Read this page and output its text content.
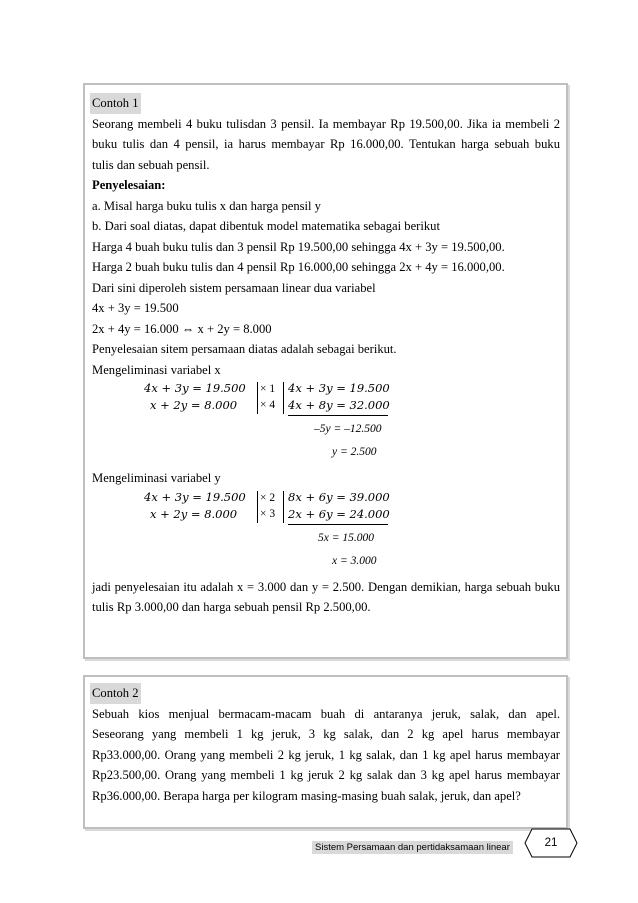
Contoh 1
Seorang membeli 4 buku tulisdan 3 pensil. Ia membayar Rp 19.500,00. Jika ia membeli 2
buku tulis dan 4 pensil, ia harus membayar Rp 16.000,00. Tentukan harga sebuah buku
tulis dan sebuah pensil.
Penyelesaian:
a. Misal harga buku tulis x dan harga pensil y
b. Dari soal diatas, dapat dibentuk model matematika sebagai berikut
Harga 4 buah buku tulis dan 3 pensil Rp 19.500,00 sehingga 4x + 3y = 19.500,00.
Harga 2 buah buku tulis dan 4 pensil Rp 16.000,00 sehingga 2x + 4y = 16.000,00.
Dari sini diperoleh sistem persamaan linear dua variabel
4x + 3y = 19.500
2x + 4y = 16.000 ⇔ x + 2y = 8.000
Penyelesaian sitem persamaan diatas adalah sebagai berikut.
Mengeliminasi variabel x
4x + 3y = 19.500
x + 2y = 8.000
× 1
× 4
4x + 3y = 19.500
4x + 8y = 32.000
–5y = –12.500
y = 2.500
Mengeliminasi variabel y
4x + 3y = 19.500
x + 2y = 8.000
× 2
× 3
8x + 6y = 39.000
2x + 6y = 24.000
5x = 15.000
x = 3.000
jadi penyelesaian itu adalah x = 3.000 dan y = 2.500. Dengan demikian, harga sebuah buku
tulis Rp 3.000,00 dan harga sebuah pensil Rp 2.500,00.
Contoh 2
Sebuah kios menjual bermacam-macam buah di antaranya jeruk, salak, dan apel.
Seseorang yang membeli 1 kg jeruk, 3 kg salak, dan 2 kg apel harus membayar
Rp33.000,00. Orang yang membeli 2 kg jeruk, 1 kg salak, dan 1 kg apel harus membayar
Rp23.500,00. Orang yang membeli 1 kg jeruk 2 kg salak dan 3 kg apel harus membayar
Rp36.000,00. Berapa harga per kilogram masing-masing buah salak, jeruk, dan apel?
Sistem Persamaan dan pertidaksamaan linear	21
